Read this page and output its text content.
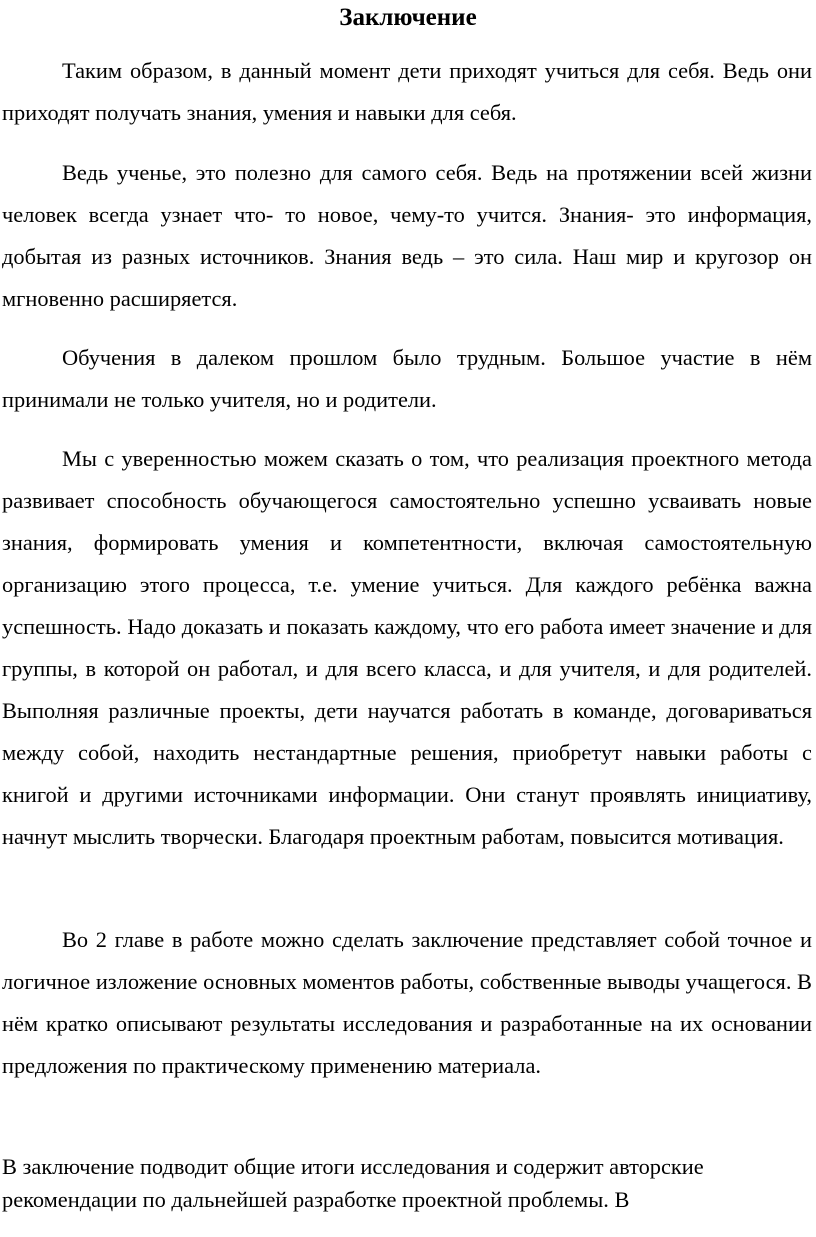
Заключение

Таким образом, в данный момент дети приходят учиться для себя. Ведь они приходят получать знания, умения и навыки для себя.

Ведь ученье, это полезно для самого себя. Ведь на протяжении всей жизни человек всегда узнает что- то новое, чему-то учится. Знания- это информация, добытая из разных источников. Знания ведь – это сила. Наш мир и кругозор он мгновенно расширяется.

Обучения в далеком прошлом было трудным. Большое участие в нём принимали не только учителя, но и родители.

Мы с уверенностью можем сказать о том, что реализация проектного метода развивает способность обучающегося самостоятельно успешно усваивать новые знания, формировать умения и компетентности, включая самостоятельную организацию этого процесса, т.е. умение учиться. Для каждого ребёнка важна успешность. Надо доказать и показать каждому, что его работа имеет значение и для группы, в которой он работал, и для всего класса, и для учителя, и для родителей. Выполняя различные проекты, дети научатся работать в команде, договариваться между собой, находить нестандартные решения, приобретут навыки работы с книгой и другими источниками информации. Они станут проявлять инициативу, начнут мыслить творчески. Благодаря проектным работам, повысится мотивация.

Во 2 главе в работе можно сделать заключение представляет собой точное и логичное изложение основных моментов работы, собственные выводы учащегося. В нём кратко описывают результаты исследования и разработанные на их основании предложения по практическому применению материала.

В заключение подводит общие итоги исследования и содержит авторские рекомендации по дальнейшей разработке проектной проблемы. В
